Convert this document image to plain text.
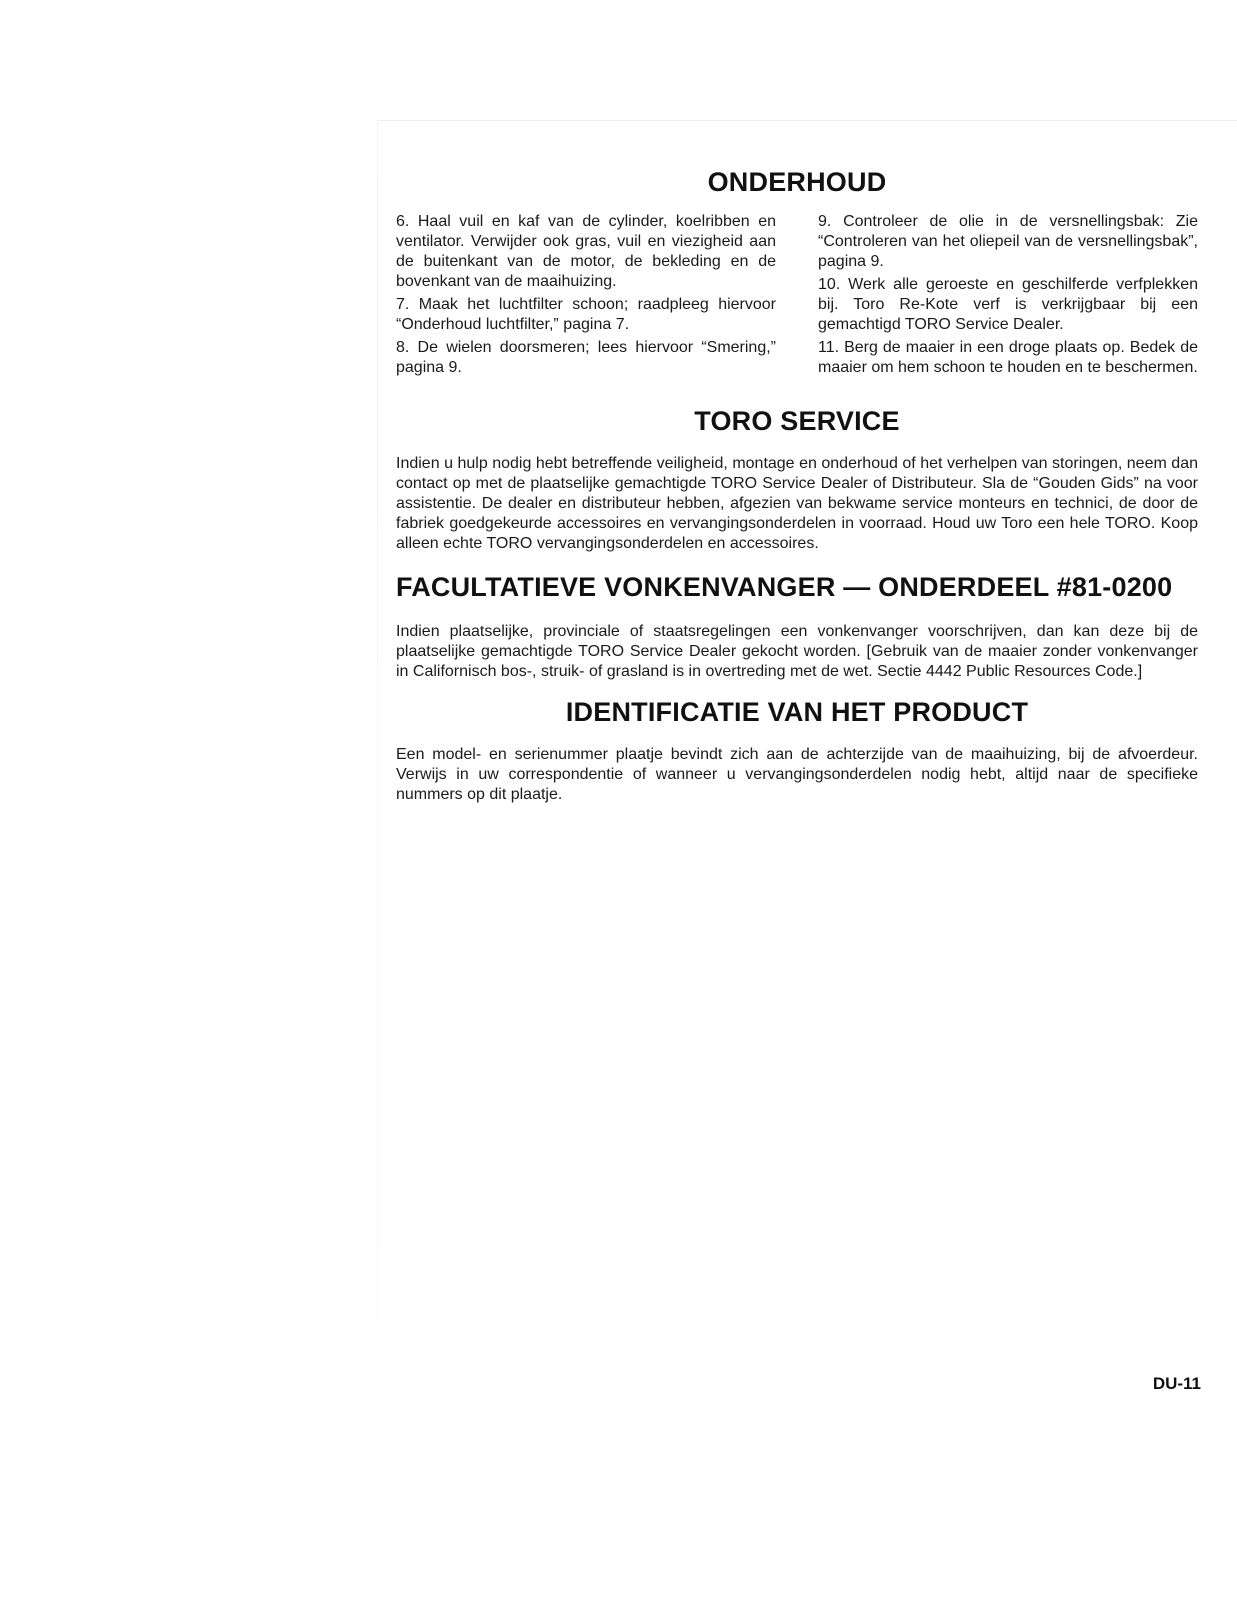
ONDERHOUD

6. Haal vuil en kaf van de cylinder, koelribben en ventilator. Verwijder ook gras, vuil en viezigheid aan de buitenkant van de motor, de bekleding en de bovenkant van de maaihuizing.

7. Maak het luchtfilter schoon; raadpleeg hiervoor “Onderhoud luchtfilter,” pagina 7.

8. De wielen doorsmeren; lees hiervoor “Smering,” pagina 9.

9. Controleer de olie in de versnellingsbak: Zie “Controleren van het oliepeil van de versnellingsbak”, pagina 9.

10. Werk alle geroeste en geschilferde verfplekken bij. Toro Re-Kote verf is verkrijgbaar bij een gemachtigd TORO Service Dealer.

11. Berg de maaier in een droge plaats op. Bedek de maaier om hem schoon te houden en te beschermen.

TORO SERVICE

Indien u hulp nodig hebt betreffende veiligheid, montage en onderhoud of het verhelpen van storingen, neem dan contact op met de plaatselijke gemachtigde TORO Service Dealer of Distributeur. Sla de “Gouden Gids” na voor assistentie. De dealer en distributeur hebben, afgezien van bekwame service monteurs en technici, de door de fabriek goedgekeurde accessoires en vervangingsonderdelen in voorraad. Houd uw Toro een hele TORO. Koop alleen echte TORO vervangingsonderdelen en accessoires.

FACULTATIEVE VONKENVANGER — ONDERDEEL #81-0200

Indien plaatselijke, provinciale of staatsregelingen een vonkenvanger voorschrijven, dan kan deze bij de plaatselijke gemachtigde TORO Service Dealer gekocht worden. [Gebruik van de maaier zonder vonkenvanger in Californisch bos-, struik- of grasland is in overtreding met de wet. Sectie 4442 Public Resources Code.]

IDENTIFICATIE VAN HET PRODUCT

Een model- en serienummer plaatje bevindt zich aan de achterzijde van de maaihuizing, bij de afvoerdeur. Verwijs in uw correspondentie of wanneer u vervangingsonderdelen nodig hebt, altijd naar de specifieke nummers op dit plaatje.

DU-11
